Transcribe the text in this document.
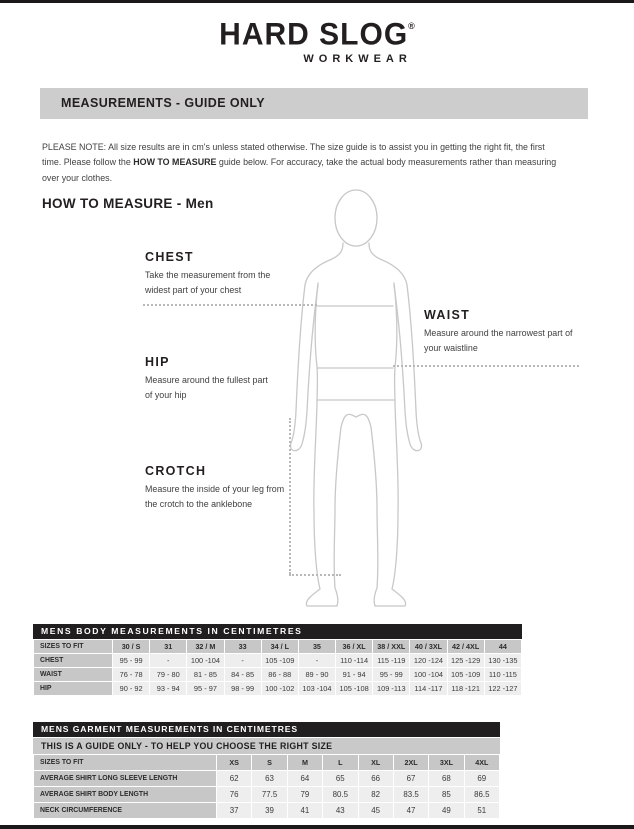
HARD SLOG®
WORKWEAR
MEASUREMENTS - GUIDE ONLY

PLEASE NOTE: All size results are in cm's unless stated otherwise. The size guide is to assist you in getting the right fit, the first time. Please follow the HOW TO MEASURE guide below. For accuracy, take the actual body measurements rather than measuring over your clothes.

HOW TO MEASURE - Men
CHEST
Take the measurement from the widest part of your chest
WAIST
Measure around the narrowest part of your waistline
HIP
Measure around the fullest part of your hip
CROTCH
Measure the inside of your leg from the crotch to the anklebone
MENS BODY MEASUREMENTS IN CENTIMETRES
SIZES TO FIT	30 / S	31	32 / M	33	34 / L	35	36 / XL	38 / XXL	40 / 3XL	42 / 4XL	44
CHEST	95 - 99	-	100 -104	-	105 -109	-	110 -114	115 -119	120 -124	125 -129	130 -135
WAIST	76 - 78	79 - 80	81 - 85	84 - 85	86 - 88	89 - 90	91 - 94	95 - 99	100 -104	105 -109	110 -115
HIP	90 - 92	93 - 94	95 - 97	98 - 99	100 -102	103 -104	105 -108	109 -113	114 -117	118 -121	122 -127
MENS GARMENT MEASUREMENTS IN CENTIMETRES
THIS IS A GUIDE ONLY - TO HELP YOU CHOOSE THE RIGHT SIZE
SIZES TO FIT	XS	S	M	L	XL	2XL	3XL	4XL
AVERAGE SHIRT LONG SLEEVE LENGTH	62	63	64	65	66	67	68	69
AVERAGE SHIRT BODY LENGTH	76	77.5	79	80.5	82	83.5	85	86.5
NECK CIRCUMFERENCE	37	39	41	43	45	47	49	51
